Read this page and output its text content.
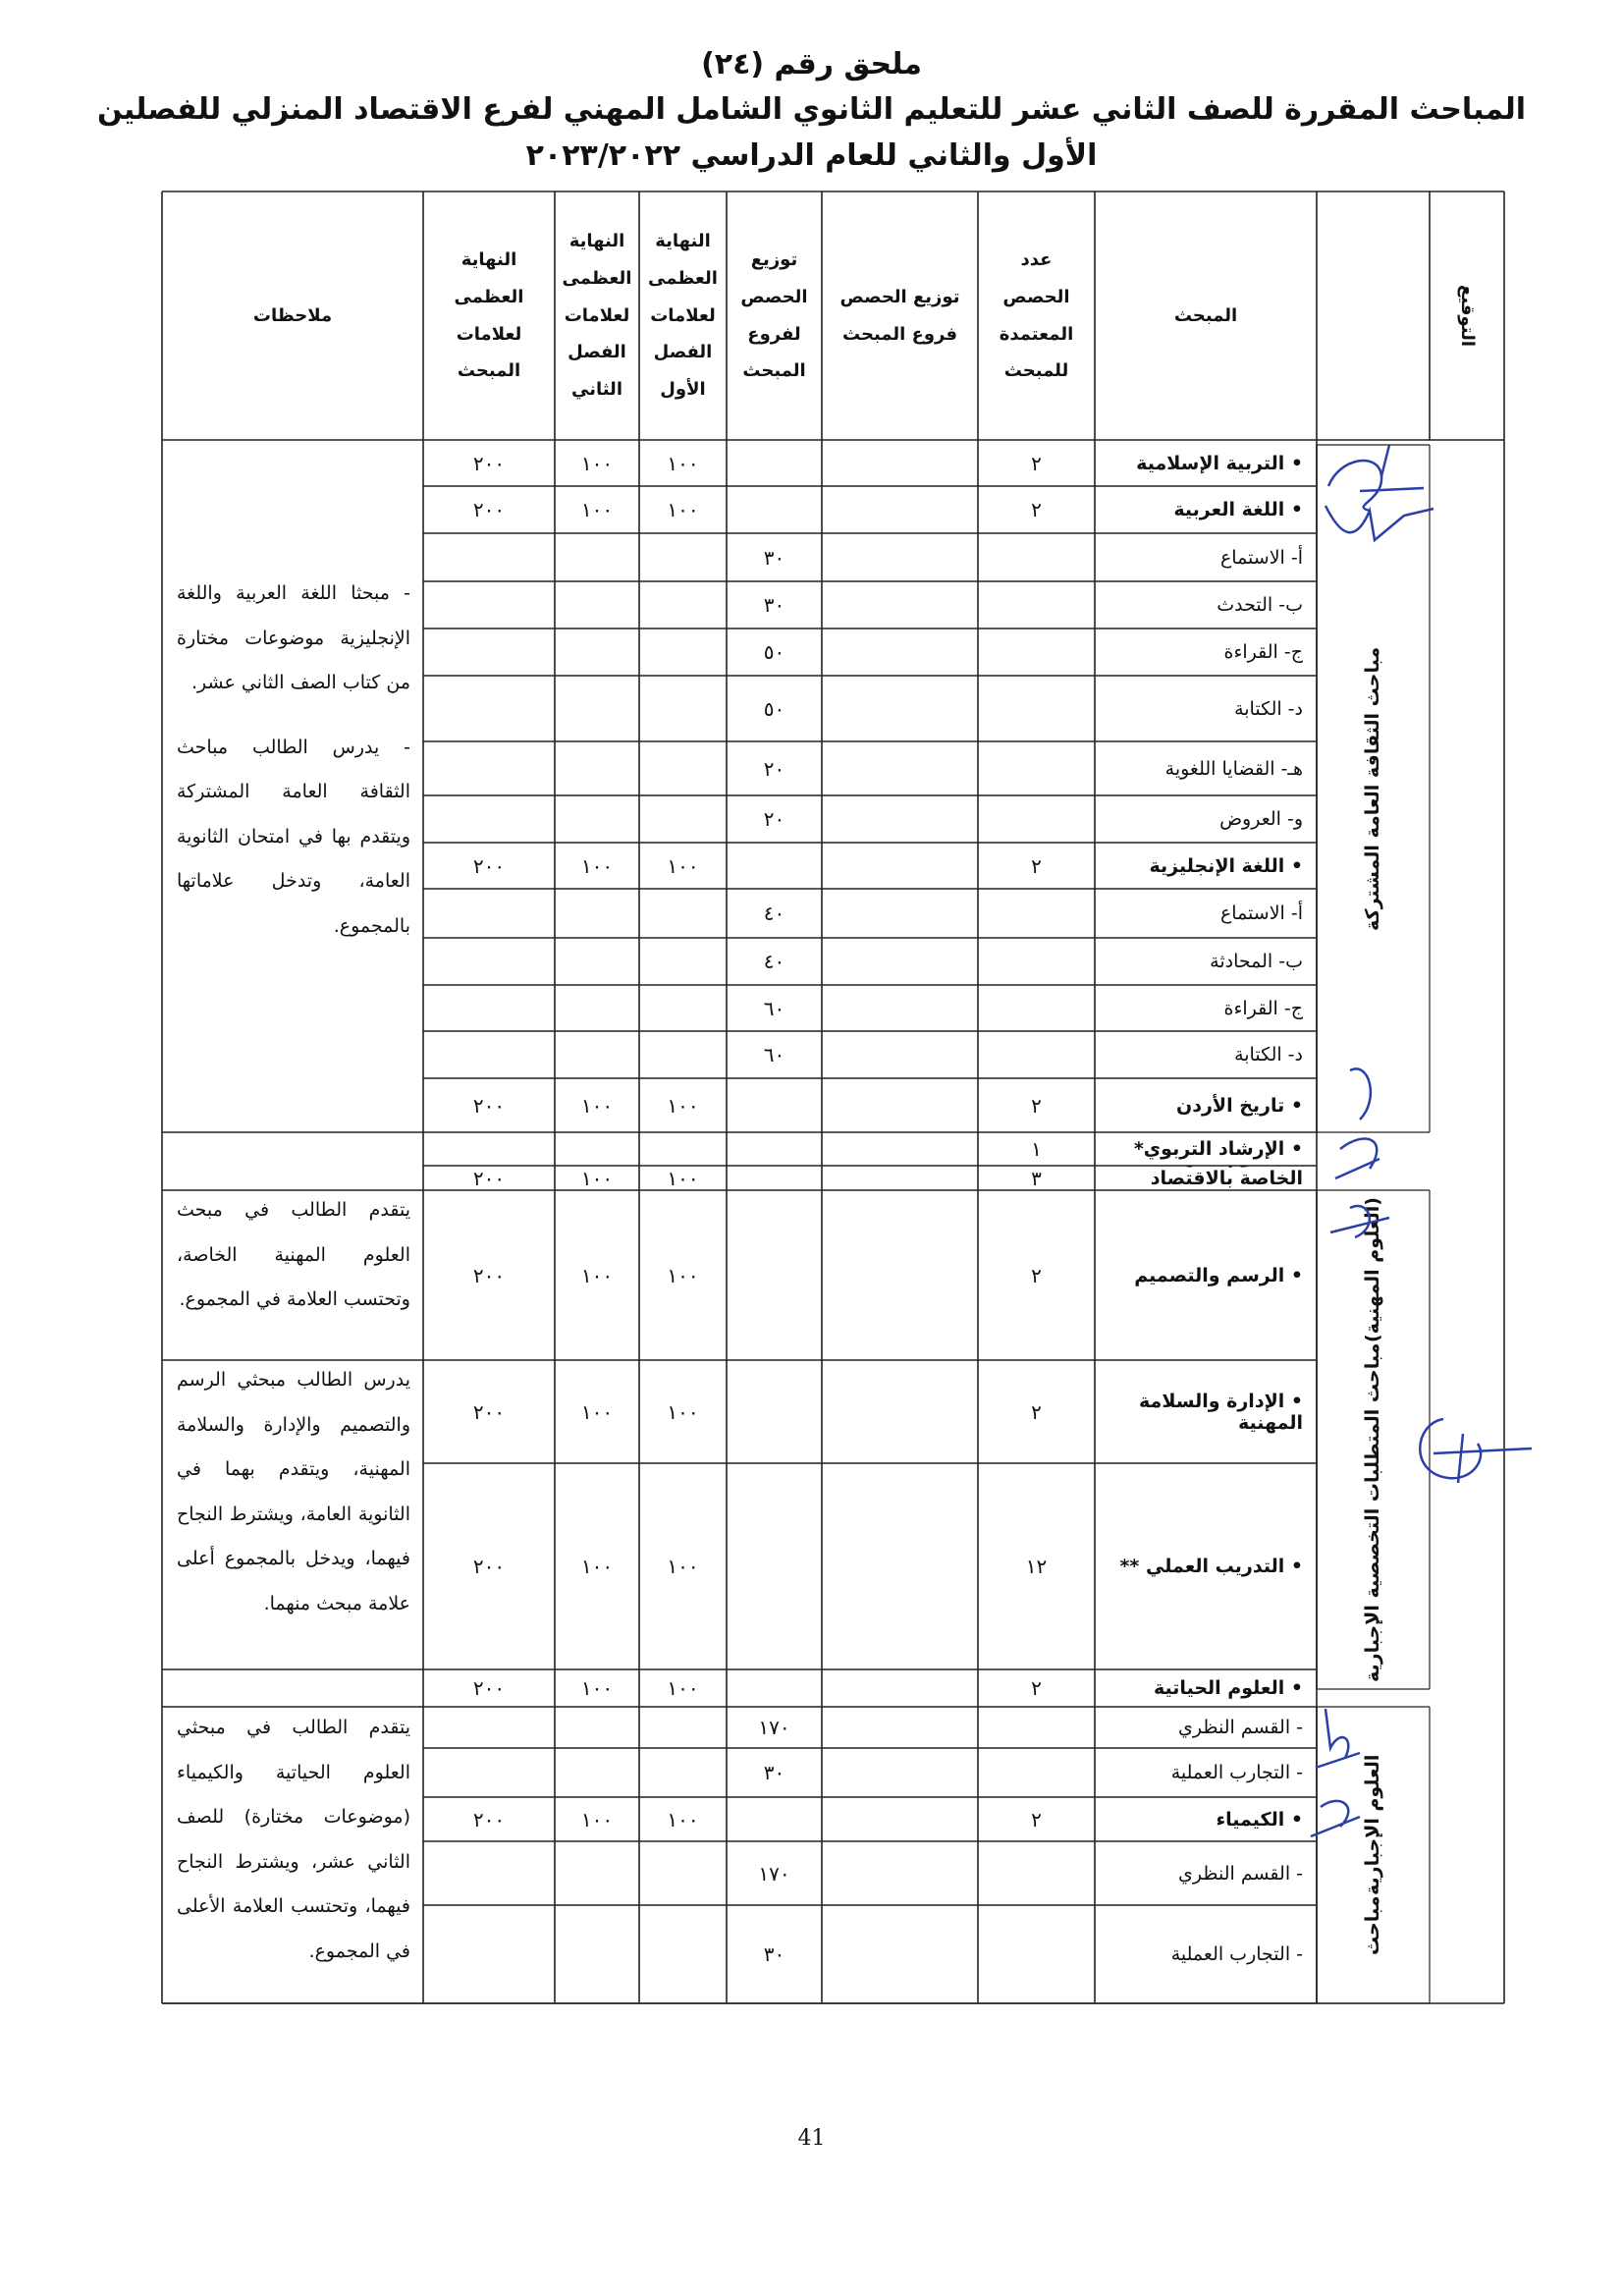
ملحق رقم (٢٤)
المباحث المقررة للصف الثاني عشر للتعليم الثانوي الشامل المهني لفرع الاقتصاد المنزلي للفصلين
الأول والثاني للعام الدراسي ٢٠٢٣/٢٠٢٢
• التربية الإسلامية
٢
١٠٠
١٠٠
٢٠٠
• اللغة العربية
٢
١٠٠
١٠٠
٢٠٠
أ- الاستماع
٣٠
ب- التحدث
٣٠
ج- القراءة
٥٠
د- الكتابة
٥٠
هـ- القضايا اللغوية
٢٠
و- العروض
٢٠
• اللغة الإنجليزية
٢
١٠٠
١٠٠
٢٠٠
أ- الاستماع
٤٠
ب- المحادثة
٤٠
ج- القراءة
٦٠
د- الكتابة
٦٠
• تاريخ الأردن
٢
١٠٠
١٠٠
٢٠٠
• الإرشاد التربوي*
١
الخاصة بالاقتصاد
٣
١٠٠
١٠٠
٢٠٠
• الرسم والتصميم
٢
١٠٠
١٠٠
٢٠٠
• الإدارة والسلامة المهنية
٢
١٠٠
١٠٠
٢٠٠
• التدريب العملي **
١٢
١٠٠
١٠٠
٢٠٠
• العلوم الحياتية
٢
١٠٠
١٠٠
٢٠٠
- القسم النظري
١٧٠
- التجارب العملية
٣٠
• الكيمياء
٢
١٠٠
١٠٠
٢٠٠
- القسم النظري
١٧٠
- التجارب العملية
٣٠
التوقيع
المبحث
عدد الحصص المعتمدة للمبحث
توزيع الحصص فروع المبحث
توزيع الحصص لفروع المبحث
النهاية العظمى لعلامات الفصل الأول
النهاية العظمى لعلامات الفصل الثاني
النهاية العظمى لعلامات المبحث
ملاحظات
مباحث الثقافة العامة المشتركة
مباحث المتطلبات التخصصية الإجبارية
(العلوم المهنية)
مباحث
العلوم الإجبارية
- مبحثا اللغة العربية واللغة الإنجليزية موضوعات مختارة من كتاب الصف الثاني عشر.
- يدرس الطالب مباحث الثقافة العامة المشتركة ويتقدم بها في امتحان الثانوية العامة، وتدخل علاماتها بالمجموع.
يتقدم الطالب في مبحث العلوم المهنية الخاصة، وتحتسب العلامة في المجموع.
يدرس الطالب مبحثي الرسم والتصميم والإدارة والسلامة المهنية، ويتقدم بهما في الثانوية العامة، ويشترط النجاح فيهما، ويدخل بالمجموع أعلى علامة مبحث منهما.
يتقدم الطالب في مبحثي العلوم الحياتية والكيمياء (موضوعات مختارة) للصف الثاني عشر، ويشترط النجاح فيهما، وتحتسب العلامة الأعلى في المجموع.
41
